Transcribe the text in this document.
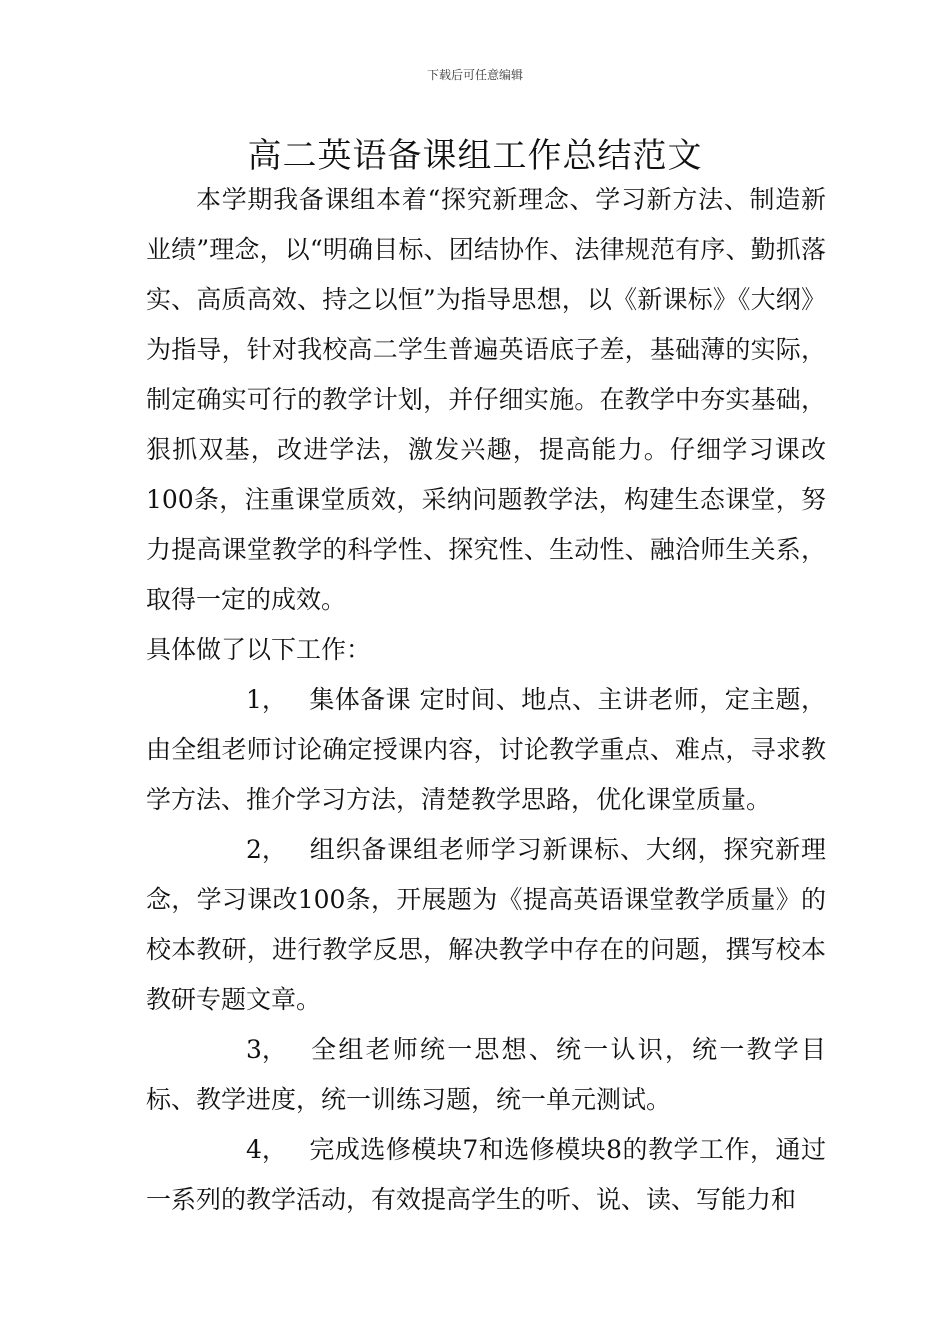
下载后可任意编辑
高二英语备课组工作总结范文

本学期我备课组本着“探究新理念、学习新方法、制造新业绩”理念，以“明确目标、团结协作、法律规范有序、勤抓落实、高质高效、持之以恒”为指导思想，以《新课标》《大纲》为指导，针对我校高二学生普遍英语底子差，基础薄的实际，制定确实可行的教学计划，并仔细实施。在教学中夯实基础，狠抓双基，改进学法，激发兴趣，提高能力。仔细学习课改100条，注重课堂质效，采纳问题教学法，构建生态课堂，努力提高课堂教学的科学性、探究性、生动性、融洽师生关系，取得一定的成效。

具体做了以下工作：

1， 集体备课 定时间、地点、主讲老师，定主题，由全组老师讨论确定授课内容，讨论教学重点、难点，寻求教学方法、推介学习方法，清楚教学思路，优化课堂质量。

2， 组织备课组老师学习新课标、大纲，探究新理念，学习课改100条，开展题为《提高英语课堂教学质量》的校本教研，进行教学反思，解决教学中存在的问题，撰写校本教研专题文章。

3， 全组老师统一思想、统一认识，统一教学目标、教学进度，统一训练习题，统一单元测试。

4， 完成选修模块7和选修模块8的教学工作，通过一系列的教学活动，有效提高学生的听、说、读、写能力和
